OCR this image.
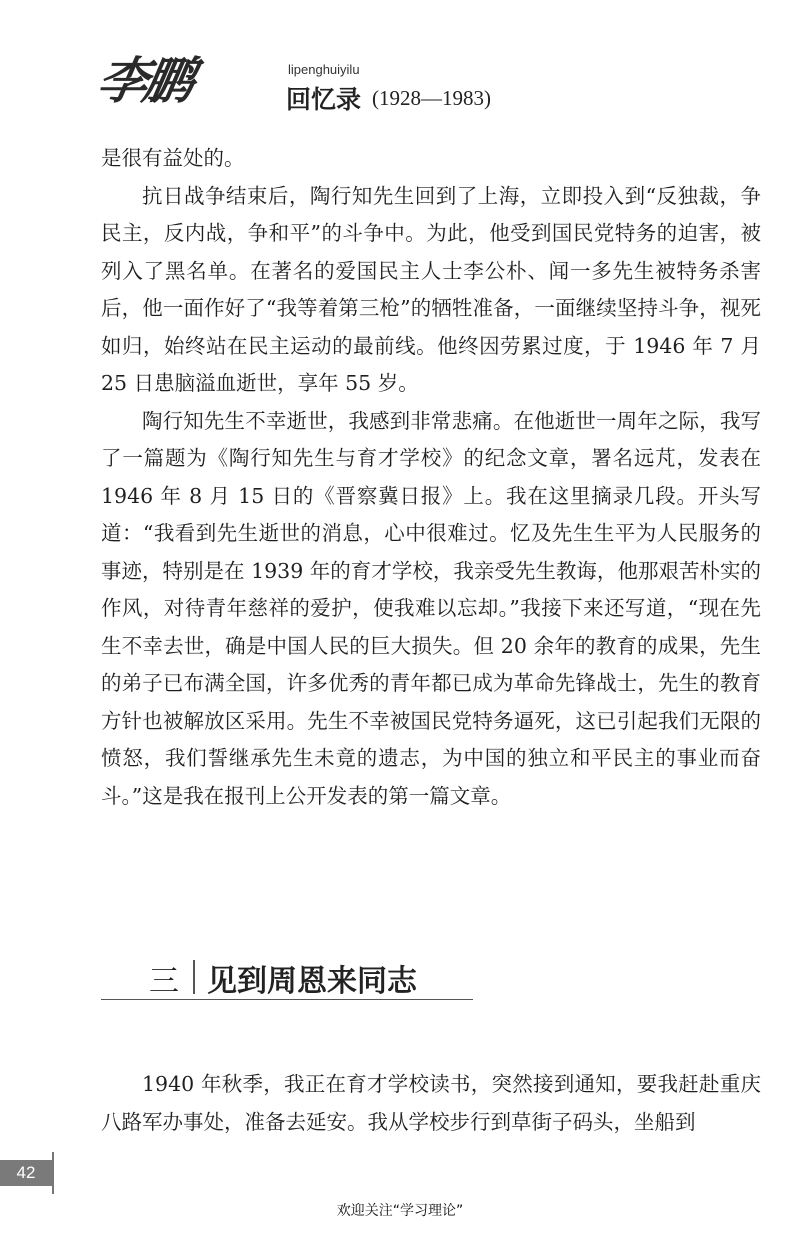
李鹏	lipenghuiyilu
回忆录 (1928—1983)

是很有益处的。

抗日战争结束后，陶行知先生回到了上海，立即投入到“反独裁，争民主，反内战，争和平”的斗争中。为此，他受到国民党特务的迫害，被列入了黑名单。在著名的爱国民主人士李公朴、闻一多先生被特务杀害后，他一面作好了“我等着第三枪”的牺牲准备，一面继续坚持斗争，视死如归，始终站在民主运动的最前线。他终因劳累过度，于 1946 年 7 月 25 日患脑溢血逝世，享年 55 岁。

陶行知先生不幸逝世，我感到非常悲痛。在他逝世一周年之际，我写了一篇题为《陶行知先生与育才学校》的纪念文章，署名远芃，发表在 1946 年 8 月 15 日的《晋察冀日报》上。我在这里摘录几段。开头写道：“我看到先生逝世的消息，心中很难过。忆及先生生平为人民服务的事迹，特别是在 1939 年的育才学校，我亲受先生教诲，他那艰苦朴实的作风，对待青年慈祥的爱护，使我难以忘却。”我接下来还写道，“现在先生不幸去世，确是中国人民的巨大损失。但 20 余年的教育的成果，先生的弟子已布满全国，许多优秀的青年都已成为革命先锋战士，先生的教育方针也被解放区采用。先生不幸被国民党特务逼死，这已引起我们无限的愤怒，我们誓继承先生未竟的遗志，为中国的独立和平民主的事业而奋斗。”这是我在报刊上公开发表的第一篇文章。

三 见到周恩来同志

1940 年秋季，我正在育才学校读书，突然接到通知，要我赶赴重庆八路军办事处，准备去延安。我从学校步行到草街子码头，坐船到

42
欢迎关注“学习理论”
